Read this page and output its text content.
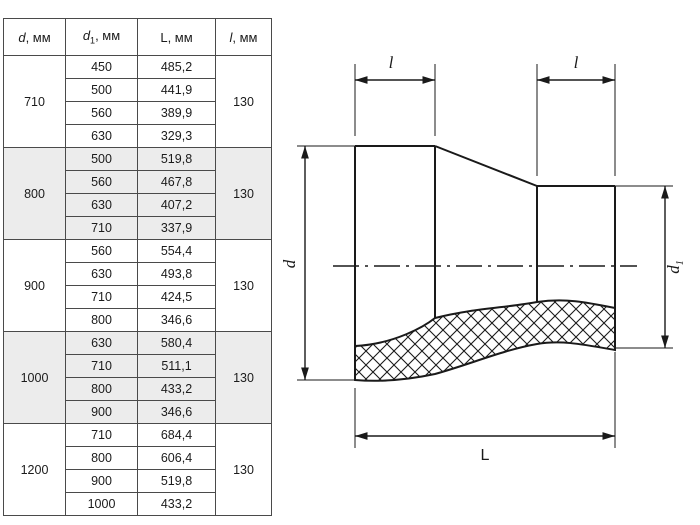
d, мм	$d_1$, мм	L, мм	l, мм
710	450	485,2	130
	500	441,9	
	560	389,9	
	630	329,3	
800	500	519,8	130
	560	467,8	
	630	407,2	
	710	337,9	
900	560	554,4	130
	630	493,8	
	710	424,5	
	800	346,6	
1000	630	580,4	130
	710	511,1	
	800	433,2	
	900	346,6	
1200	710	684,4	130
	800	606,4	
	900	519,8	
	1000	433,2	
l	l
d
$d_1$
L
